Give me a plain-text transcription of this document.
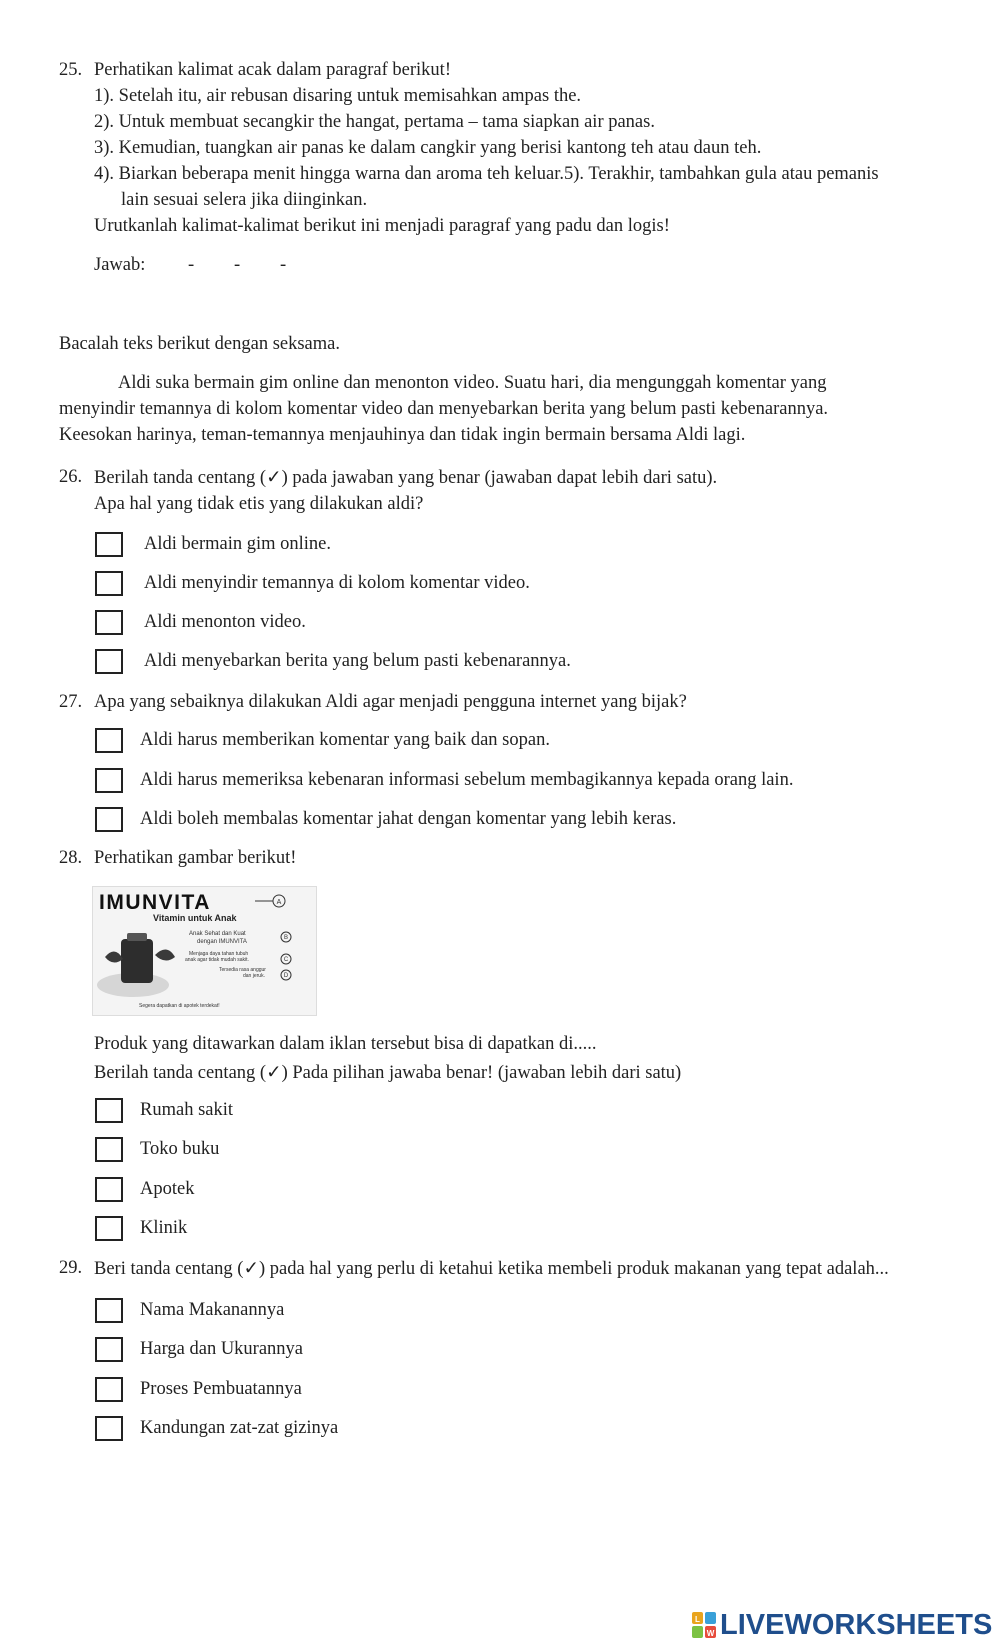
25. Perhatikan kalimat acak dalam paragraf berikut!
1). Setelah itu, air rebusan disaring untuk memisahkan ampas the.
2). Untuk membuat secangkir the hangat, pertama – tama siapkan air panas.
3). Kemudian, tuangkan air panas ke dalam cangkir yang berisi kantong teh atau daun teh.
4). Biarkan beberapa menit hingga warna dan aroma teh keluar.5). Terakhir, tambahkan gula atau pemanis
lain sesuai selera jika diinginkan.
Urutkanlah kalimat-kalimat berikut ini menjadi paragraf yang padu dan logis!
Jawab: - - -
Bacalah teks berikut dengan seksama.
Aldi suka bermain gim online dan menonton video. Suatu hari, dia mengunggah komentar yang
menyindir temannya di kolom komentar video dan menyebarkan berita yang belum pasti kebenarannya.
Keesokan harinya, teman-temannya menjauhinya dan tidak ingin bermain bersama Aldi lagi.
26. Berilah tanda centang (✓) pada jawaban yang benar (jawaban dapat lebih dari satu).
Apa hal yang tidak etis yang dilakukan aldi?
Aldi bermain gim online.
Aldi menyindir temannya di kolom komentar video.
Aldi menonton video.
Aldi menyebarkan berita yang belum pasti kebenarannya.
27. Apa yang sebaiknya dilakukan Aldi agar menjadi pengguna internet yang bijak?
Aldi harus memberikan komentar yang baik dan sopan.
Aldi harus memeriksa kebenaran informasi sebelum membagikannya kepada orang lain.
Aldi boleh membalas komentar jahat dengan komentar yang lebih keras.
28. Perhatikan gambar berikut!
IMUNVITA
Vitamin untuk Anak
A
Anak Sehat dan Kuat
dengan IMUNVITA
B
Menjaga daya tahan tubuh
anak agar tidak mudah sakit.	C
Tersedia rasa anggur
dan jeruk.	D
Segera dapatkan di apotek terdekat!
Produk yang ditawarkan dalam iklan tersebut bisa di dapatkan di.....
Berilah tanda centang (✓) Pada pilihan jawaba benar! (jawaban lebih dari satu)
Rumah sakit
Toko buku
Apotek
Klinik
29. Beri tanda centang (✓) pada hal yang perlu di ketahui ketika membeli produk makanan yang tepat adalah...
Nama Makanannya
Harga dan Ukurannya
Proses Pembuatannya
Kandungan zat-zat gizinya
L
W LIVEWORKSHEETS
